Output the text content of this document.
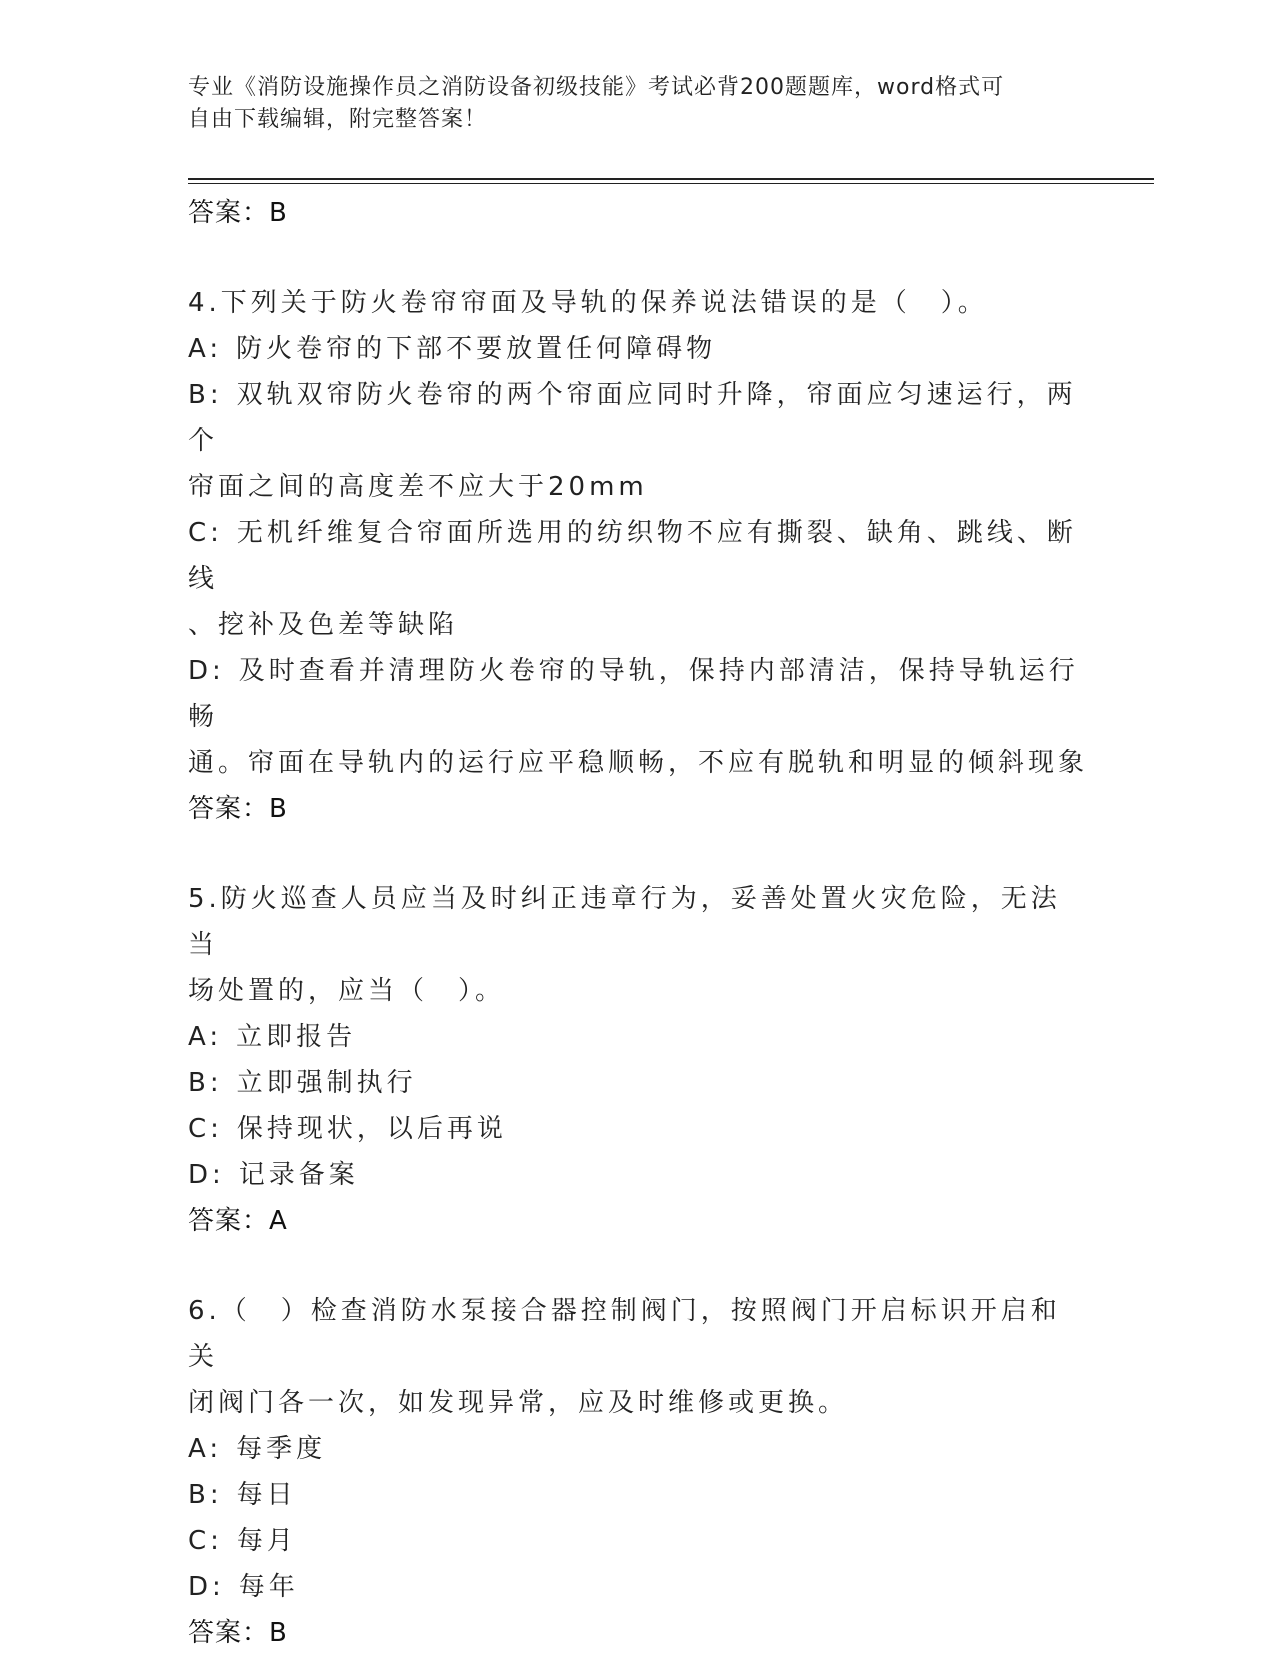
专业《消防设施操作员之消防设备初级技能》考试必背200题题库，word格式可
自由下载编辑，附完整答案！
答案：B
4.下列关于防火卷帘帘面及导轨的保养说法错误的是（　）。
A: 防火卷帘的下部不要放置任何障碍物
B: 双轨双帘防火卷帘的两个帘面应同时升降，帘面应匀速运行，两个
帘面之间的高度差不应大于20mm
C: 无机纤维复合帘面所选用的纺织物不应有撕裂、缺角、跳线、断线
、挖补及色差等缺陷
D: 及时查看并清理防火卷帘的导轨，保持内部清洁，保持导轨运行畅
通。帘面在导轨内的运行应平稳顺畅，不应有脱轨和明显的倾斜现象
答案：B
5.防火巡查人员应当及时纠正违章行为，妥善处置火灾危险，无法当
场处置的，应当（　）。
A: 立即报告
B: 立即强制执行
C: 保持现状，以后再说
D: 记录备案
答案：A
6.（　）检查消防水泵接合器控制阀门，按照阀门开启标识开启和关
闭阀门各一次，如发现异常，应及时维修或更换。
A: 每季度
B: 每日
C: 每月
D: 每年
答案：B
